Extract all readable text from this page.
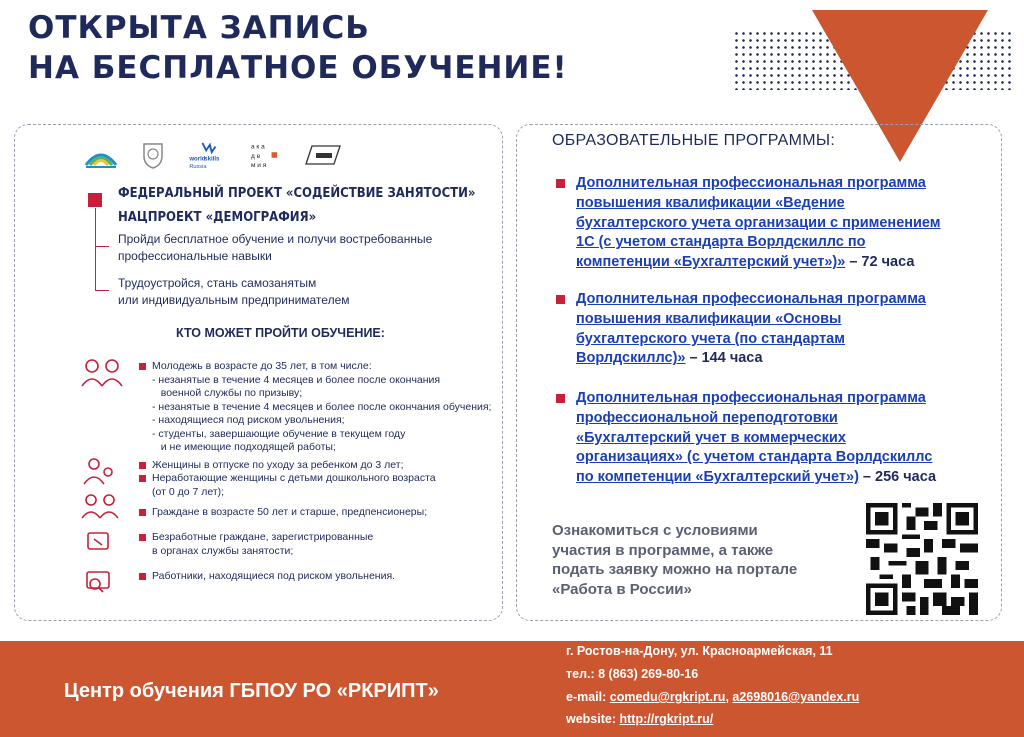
ОТКРЫТА ЗАПИСЬ
НА БЕСПЛАТНОЕ ОБУЧЕНИЕ!
world
skills
Russia
а к а
д е
м и я
ФЕДЕРАЛЬНЫЙ ПРОЕКТ «СОДЕЙСТВИЕ ЗАНЯТОСТИ»
НАЦПРОЕКТ «ДЕМОГРАФИЯ»
Пройди бесплатное обучение и получи востребованные
профессиональные навыки
Трудоустройся, стань самозанятым
или индивидуальным предпринимателем
КТО МОЖЕТ ПРОЙТИ ОБУЧЕНИЕ:
Молодежь в возрасте до 35 лет, в том числе:
- незанятые в течение 4 месяцев и более после окончания
военной службы по призыву;
- незанятые в течение 4 месяцев и более после окончания обучения;
- находящиеся под риском увольнения;
- студенты, завершающие обучение в текущем году
и не имеющие подходящей работы;
Женщины в отпуске по уходу за ребенком до 3 лет;
Неработающие женщины с детьми дошкольного возраста
(от 0 до 7 лет);
Граждане в возрасте 50 лет и старше, предпенсионеры;
Безработные граждане, зарегистрированные
в органах службы занятости;
Работники, находящиеся под риском увольнения.
ОБРАЗОВАТЕЛЬНЫЕ ПРОГРАММЫ:
Дополнительная профессиональная программа
повышения квалификации «Ведение
бухгалтерского учета организации с применением
1С (с учетом стандарта Ворлдскиллс по
компетенции «Бухгалтерский учет»)» – 72 часа
Дополнительная профессиональная программа
повышения квалификации «Основы
бухгалтерского учета (по стандартам
Ворлдскиллс)» – 144 часа
Дополнительная профессиональная программа
профессиональной переподготовки
«Бухгалтерский учет в коммерческих
организациях» (с учетом стандарта Ворлдскиллс
по компетенции «Бухгалтерский учет») – 256 часа
Ознакомиться с условиями
участия в программе, а также
подать заявку можно на портале
«Работа в России»
Центр обучения ГБПОУ РО «РКРИПТ»
г. Ростов-на-Дону, ул. Красноармейская, 11
тел.: 8 (863) 269-80-16
e-mail: comedu@rgkript.ru, a2698016@yandex.ru
website: http://rgkript.ru/
